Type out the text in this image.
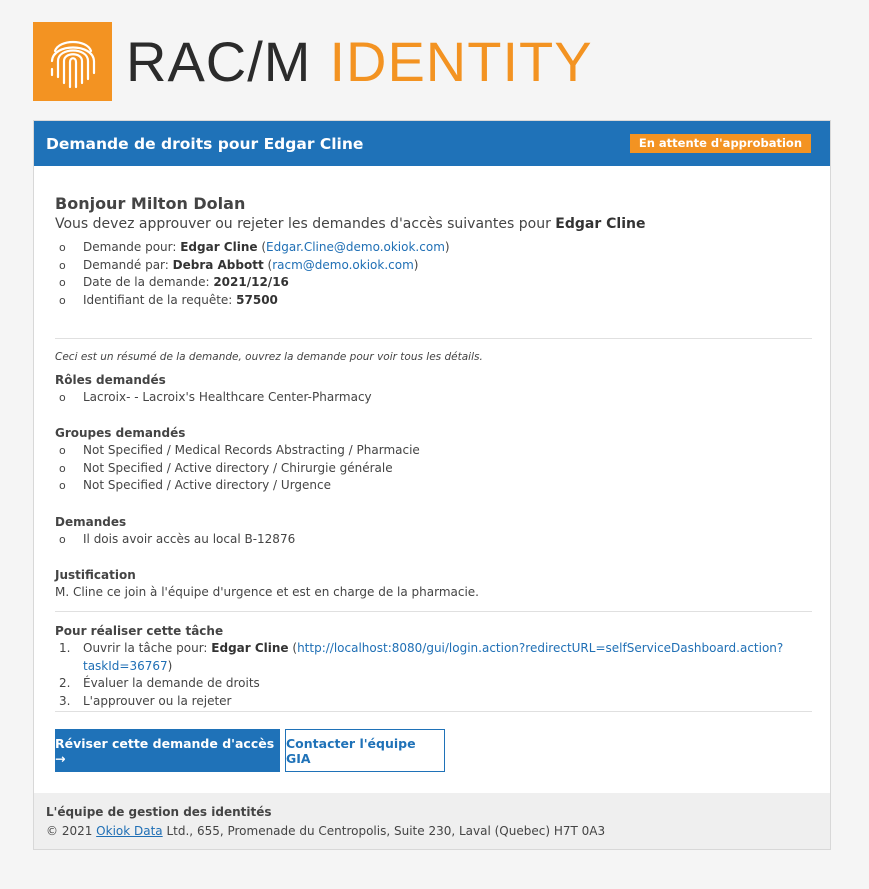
RAC/M IDENTITY
Demande de droits pour Edgar Cline	En attente d'approbation
Bonjour Milton Dolan
Vous devez approuver ou rejeter les demandes d'accès suivantes pour Edgar Cline
o Demande pour: Edgar Cline (Edgar.Cline@demo.okiok.com)
o Demandé par: Debra Abbott (racm@demo.okiok.com)
o Date de la demande: 2021/12/16
o Identifiant de la requête: 57500
Ceci est un résumé de la demande, ouvrez la demande pour voir tous les détails.
Rôles demandés
o Lacroix- - Lacroix's Healthcare Center-Pharmacy
Groupes demandés
o Not Specified / Medical Records Abstracting / Pharmacie
o Not Specified / Active directory / Chirurgie générale
o Not Specified / Active directory / Urgence
Demandes
o Il dois avoir accès au local B-12876
Justification
M. Cline ce join à l'équipe d'urgence et est en charge de la pharmacie.
Pour réaliser cette tâche
1. Ouvrir la tâche pour: Edgar Cline (http://localhost:8080/gui/login.action?redirectURL=selfServiceDashboard.action?taskId=36767)
2. Évaluer la demande de droits
3. L'approuver ou la rejeter
Réviser cette demande d'accès →
Contacter l'équipe GIA
L'équipe de gestion des identités
© 2021 Okiok Data Ltd., 655, Promenade du Centropolis, Suite 230, Laval (Quebec) H7T 0A3
